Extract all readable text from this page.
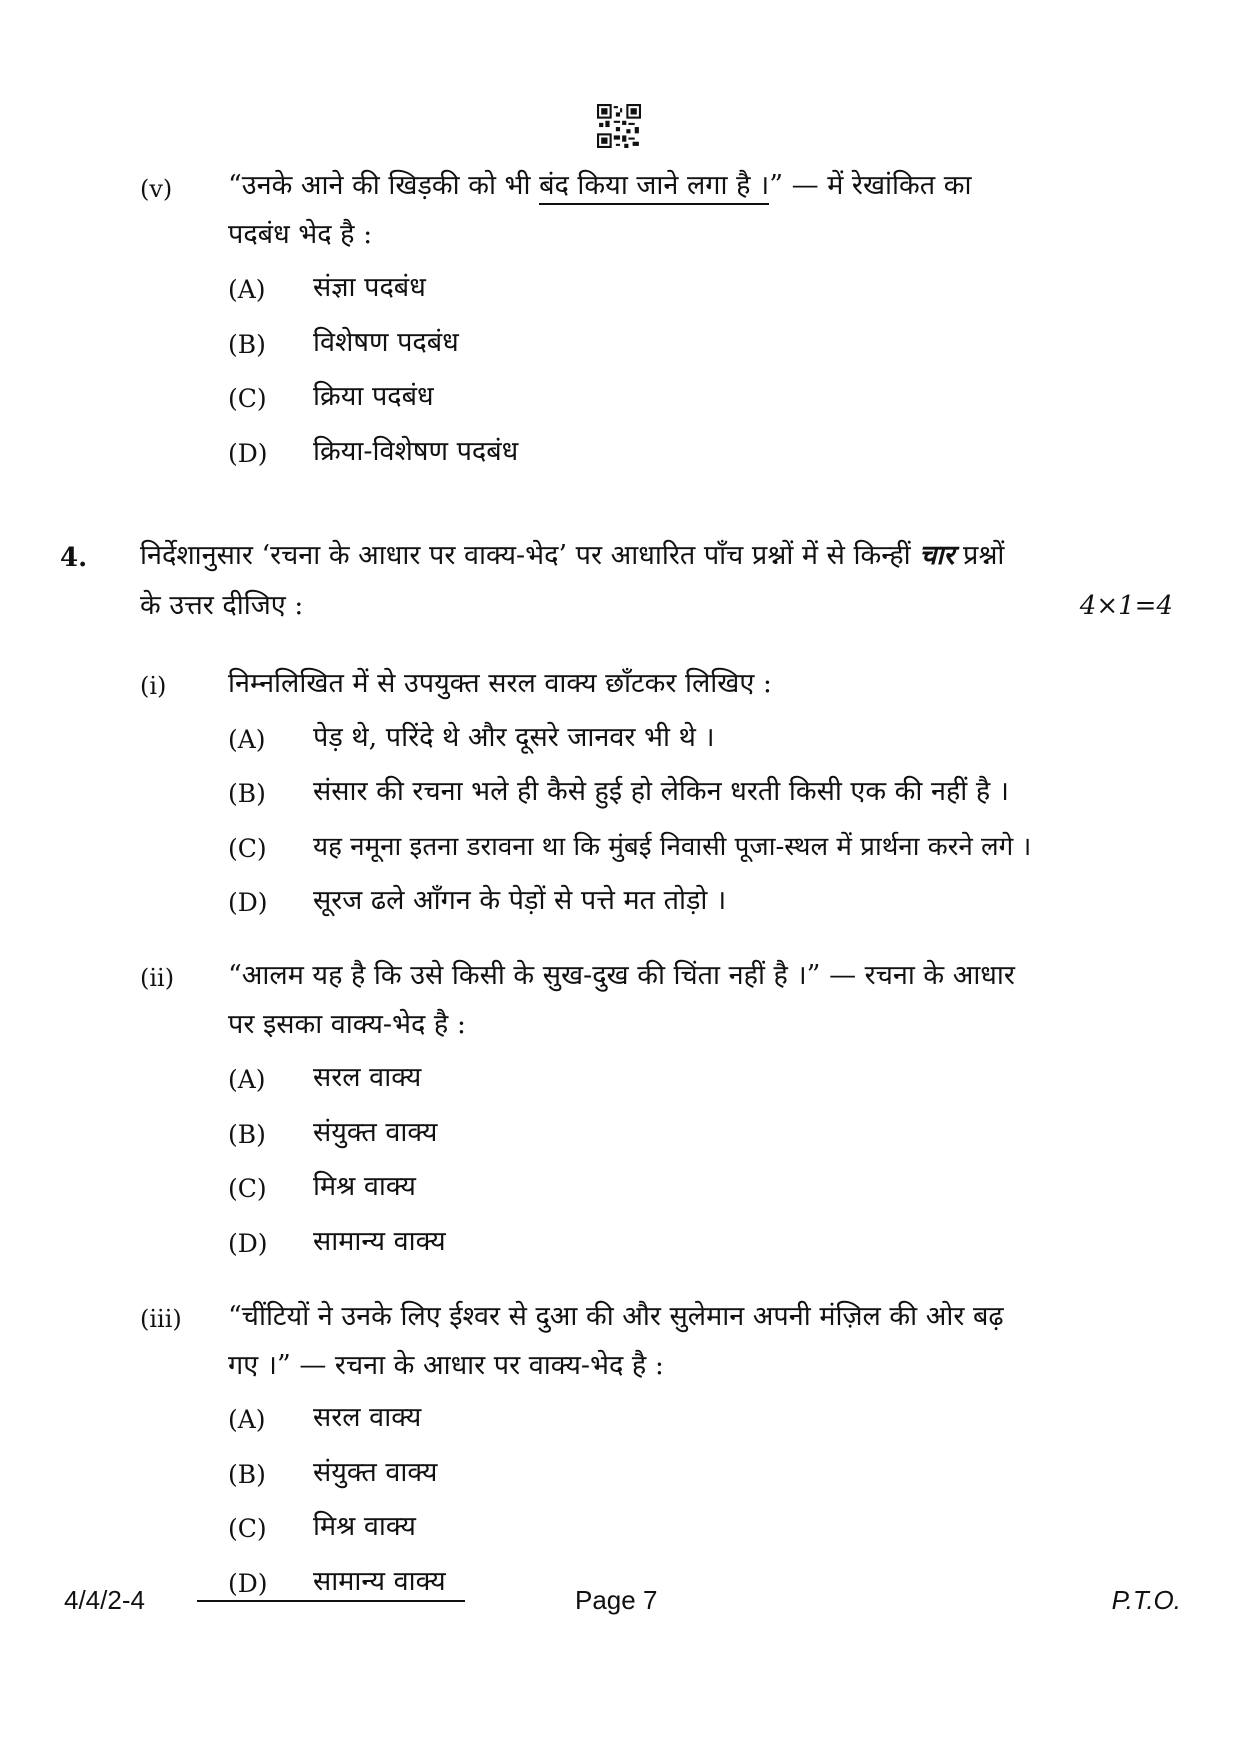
(v) “उनके आने की खिड़की को भी बंद किया जाने लगा है ।” — में रेखांकित का
पदबंध भेद है :
(A) संज्ञा पदबंध
(B) विशेषण पदबंध
(C) क्रिया पदबंध
(D) क्रिया-विशेषण पदबंध
4. निर्देशानुसार ‘रचना के आधार पर वाक्य-भेद’ पर आधारित पाँच प्रश्नों में से किन्हीं चार प्रश्नों
के उत्तर दीजिए :	4×1=4
(i) निम्नलिखित में से उपयुक्त सरल वाक्य छाँटकर लिखिए :
(A) पेड़ थे, परिंदे थे और दूसरे जानवर भी थे ।
(B) संसार की रचना भले ही कैसे हुई हो लेकिन धरती किसी एक की नहीं है ।
(C) यह नमूना इतना डरावना था कि मुंबई निवासी पूजा-स्थल में प्रार्थना करने लगे ।
(D) सूरज ढले आँगन के पेड़ों से पत्ते मत तोड़ो ।
(ii) “आलम यह है कि उसे किसी के सुख-दुख की चिंता नहीं है ।” — रचना के आधार
पर इसका वाक्य-भेद है :
(A) सरल वाक्य
(B) संयुक्त वाक्य
(C) मिश्र वाक्य
(D) सामान्य वाक्य
(iii) “चींटियों ने उनके लिए ईश्वर से दुआ की और सुलेमान अपनी मंज़िल की ओर बढ़
गए ।” — रचना के आधार पर वाक्य-भेद है :
(A) सरल वाक्य
(B) संयुक्त वाक्य
(C) मिश्र वाक्य
(D) सामान्य वाक्य
4/4/2-4	Page 7	P.T.O.
